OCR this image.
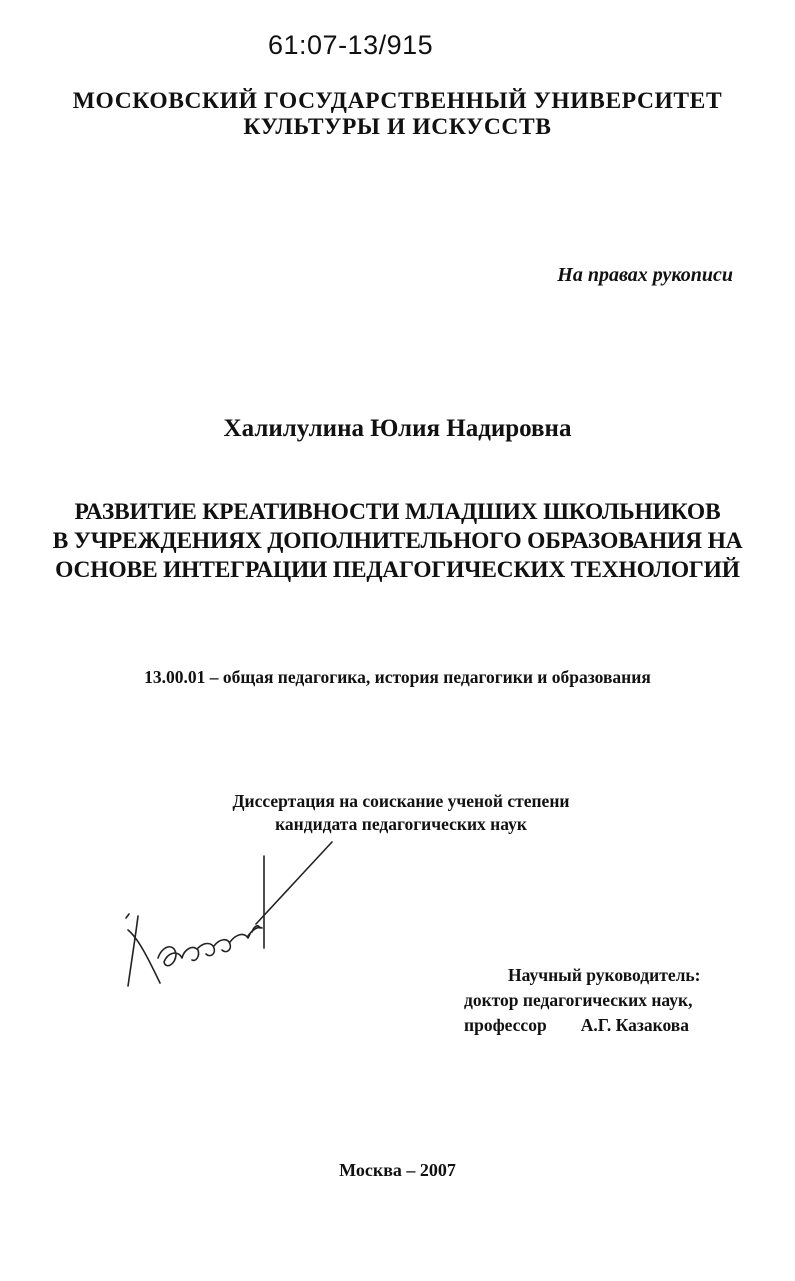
61:07-13/915
МОСКОВСКИЙ ГОСУДАРСТВЕННЫЙ УНИВЕРСИТЕТ
КУЛЬТУРЫ И ИСКУССТВ
На правах рукописи
Халилулина Юлия Надировна
РАЗВИТИЕ КРЕАТИВНОСТИ МЛАДШИХ ШКОЛЬНИКОВ
В УЧРЕЖДЕНИЯХ ДОПОЛНИТЕЛЬНОГО ОБРАЗОВАНИЯ НА
ОСНОВЕ ИНТЕГРАЦИИ ПЕДАГОГИЧЕСКИХ ТЕХНОЛОГИЙ
13.00.01 – общая педагогика, история педагогики и образования
Диссертация на соискание ученой степени
кандидата педагогических наук
Научный руководитель:
доктор педагогических наук,
профессор А.Г. Казакова
Москва – 2007
